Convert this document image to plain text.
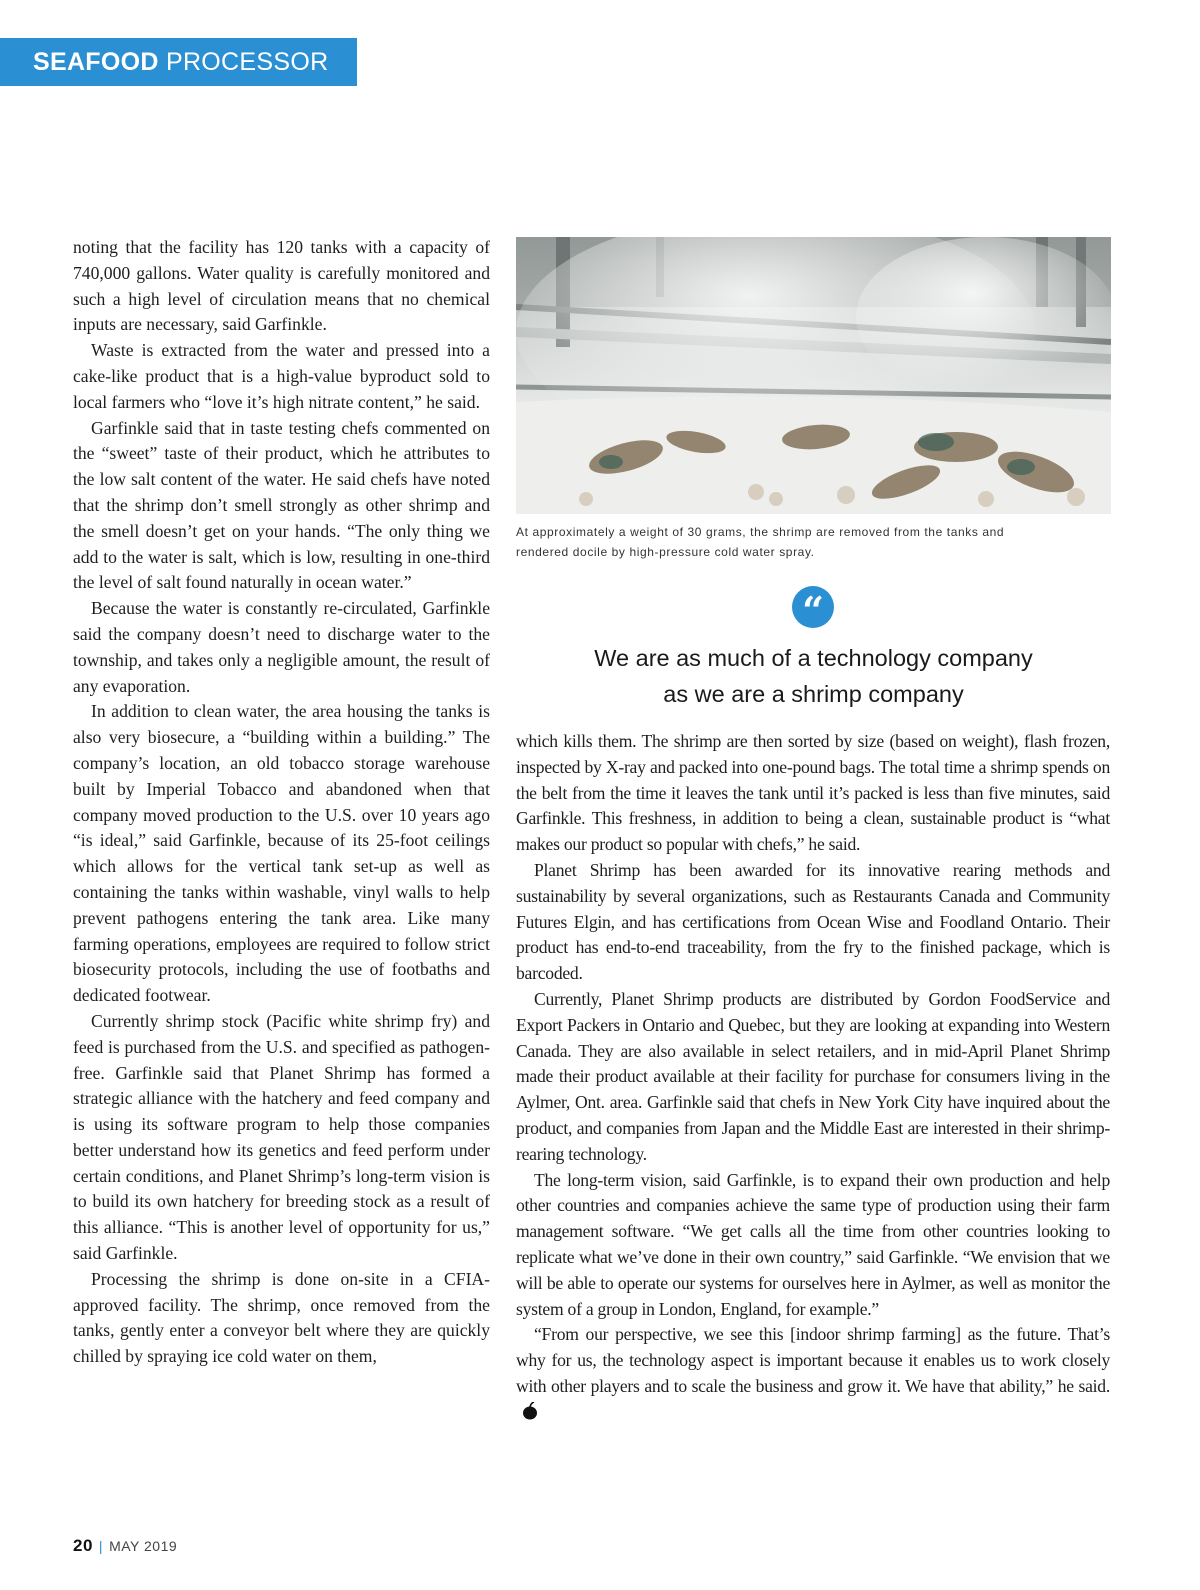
SEAFOOD PROCESSOR

noting that the facility has 120 tanks with a capacity of 740,000 gallons. Water quality is carefully monitored and such a high level of circulation means that no chemical inputs are necessary, said Garfinkle.

Waste is extracted from the water and pressed into a cake-like product that is a high-value byproduct sold to local farmers who “love it’s high nitrate content,” he said.

Garfinkle said that in taste testing chefs commented on the “sweet” taste of their product, which he attributes to the low salt content of the water. He said chefs have noted that the shrimp don’t smell strongly as other shrimp and the smell doesn’t get on your hands. “The only thing we add to the water is salt, which is low, resulting in one-third the level of salt found naturally in ocean water.”

Because the water is constantly re-circulated, Garfinkle said the company doesn’t need to discharge water to the township, and takes only a negligible amount, the result of any evaporation.

In addition to clean water, the area housing the tanks is also very biosecure, a “building within a building.” The company’s location, an old tobacco storage warehouse built by Imperial Tobacco and abandoned when that company moved production to the U.S. over 10 years ago “is ideal,” said Garfinkle, because of its 25-foot ceilings which allows for the vertical tank set-up as well as containing the tanks within washable, vinyl walls to help prevent pathogens entering the tank area. Like many farming operations, employees are required to follow strict biosecurity protocols, including the use of footbaths and dedicated footwear.

Currently shrimp stock (Pacific white shrimp fry) and feed is purchased from the U.S. and specified as pathogen-free. Garfinkle said that Planet Shrimp has formed a strategic alliance with the hatchery and feed company and is using its software program to help those companies better understand how its genetics and feed perform under certain conditions, and Planet Shrimp’s long-term vision is to build its own hatchery for breeding stock as a result of this alliance. “This is another level of opportunity for us,” said Garfinkle.

Processing the shrimp is done on-site in a CFIA-approved facility. The shrimp, once removed from the tanks, gently enter a conveyor belt where they are quickly chilled by spraying ice cold water on them,

At approximately a weight of 30 grams, the shrimp are removed from the tanks and rendered docile by high-pressure cold water spray.
“
We are as much of a technology company
as we are a shrimp company

which kills them. The shrimp are then sorted by size (based on weight), flash frozen, inspected by X-ray and packed into one-pound bags. The total time a shrimp spends on the belt from the time it leaves the tank until it’s packed is less than five minutes, said Garfinkle. This freshness, in addition to being a clean, sustainable product is “what makes our product so popular with chefs,” he said.

Planet Shrimp has been awarded for its innovative rearing methods and sustainability by several organizations, such as Restaurants Canada and Community Futures Elgin, and has certifications from Ocean Wise and Foodland Ontario. Their product has end-to-end traceability, from the fry to the finished package, which is barcoded.

Currently, Planet Shrimp products are distributed by Gordon FoodService and Export Packers in Ontario and Quebec, but they are looking at expanding into Western Canada. They are also available in select retailers, and in mid-April Planet Shrimp made their product available at their facility for purchase for consumers living in the Aylmer, Ont. area. Garfinkle said that chefs in New York City have inquired about the product, and companies from Japan and the Middle East are interested in their shrimp-rearing technology.

The long-term vision, said Garfinkle, is to expand their own production and help other countries and companies achieve the same type of production using their farm management software. “We get calls all the time from other countries looking to replicate what we’ve done in their own country,” said Garfinkle. “We envision that we will be able to operate our systems for ourselves here in Aylmer, as well as monitor the system of a group in London, England, for example.”

“From our perspective, we see this [indoor shrimp farming] as the future. That’s why for us, the technology aspect is important because it enables us to work closely with other players and to scale the business and grow it. We have that ability,” he said.

20 | MAY 2019
